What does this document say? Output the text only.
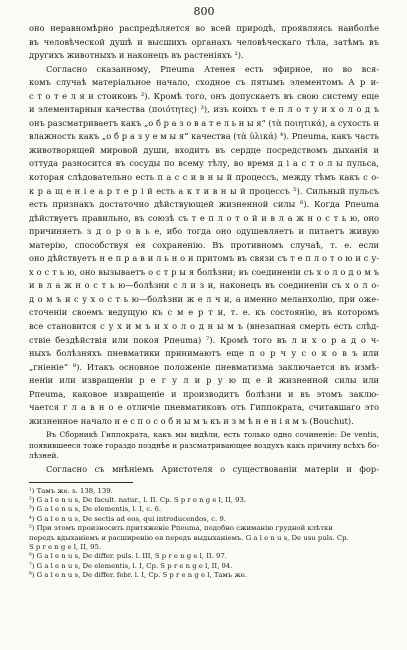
800
оно неравномѣрно распредѣляется во всей природѣ, проявляясь наиболѣе
въ человѣческой душѣ и высшихъ органахъ человѣческаго тѣла, затѣмъ въ
другихъ животныхъ и наконецъ въ растеніяхъ ¹).
Согласно сказанному, Рпеuma Атенея есть эфирное, но во вся-
комъ случаѣ матеріальное начало, сходное съ пятымъ элементомъ А р и-
с т о т е л я и стоиковъ ²). Кромѣ того, онъ допускаетъ въ свою систему еще
и элементарныя качества (ποιότητες) ³), изъ коихъ т е п л о т у и х о л о д ъ
онъ разсматриваетъ какъ „о б р а з о в а т е л ь н ы я“ (τὰ ποιητικά), а сухость и
влажность какъ „о б р а з у е м ы я“ качества (τὰ ὑλικά) ⁴). Рпеuma, какъ часть
животворящей мировой души, входитъ въ сердце посредствомъ дыханія и
оттуда разносится въ сосуды по всему тѣлу, во время д і а с т о л ы пульса,
которая слѣдовательно есть п а с с и в н ы й процессъ, между тѣмъ какъ с о-
к р а щ е н і е а р т е р і й есть а к т и в н ы й процессъ ⁵). Сильный пульсъ
есть признакъ достаточно дѣйствующей жизненной силы ⁶). Когда Рпеuma
дѣйствуетъ правильно, въ союзѣ съ т е п л о т о й и в л а ж н о с т ь ю, оно
причиняетъ з д о р о в ь е, ибо тогда оно одушевляетъ и питаетъ живую
матерію, способствуя ея сохраненію. Въ противномъ случаѣ, т. е. если
оно дѣйствуетъ н е п р а в и л ь н о и притомъ въ связи съ т е п л о т о ю и с у-
х о с т ь ю, оно вызываетъ о с т р ы я болѣзни; въ соединеніи съ х о л о д о м ъ
и в л а ж н о с т ь ю—болѣзни с л и з и, наконецъ въ соединеніи съ х о л о-
д о м ъ и с у х о с т ь ю—болѣзни ж е л ч и, а именно меланхолію, при оже-
сточеніи своемъ ведущую къ с м е р т и, т. е. къ состоянію, въ которомъ
все становится с у х и м ъ и х о л о д н ы м ъ (внезапная смерть есть слѣд-
ствіе бездѣйствія или покоя Рпеuma) ⁷). Кромѣ того въ л и х о р а д о ч-
ныхъ болѣзняхъ пневматики принимаютъ еще п о р ч у с о к о в ъ или
„гніеніе“ ⁸). Итакъ основное положеніе пневматизма заключается въ измѣ-
неніи или извращеніи р е г у л и р у ю щ е й жизненной силы или
Рпеuma, каковое извращеніе и производитъ болѣзни и въ этомъ заклю-
чается г л а в н о е отличіе пневматиковъ отъ Гиппократа, считавшаго это
жизненное начало н е с п о с о б н ы м ъ къ и з м ѣ н е н і я м ъ (Bouchut).
Въ Сборникѣ Гиппократа, какъ мы видѣли, есть только одно сочиненіе: De ventis,
появившееся тоже гораздо позднѣе и разсматривающее воздухъ какъ причину всѣхъ бо-
лѣзней.
Согласно съ мнѣніемъ Аристотеля о существованіи матеріи и фор-
¹) Тамъ же. s. 138, 139.
²) G a l e n u s, De facult. natur., l. II. Ср. S p r e n g e l, II, 93.
³) G a l e n u s, De elementis, l. I, c. 6.
⁴) G a l e n u s, De sectis ad eos, qui introducendos, c. 9.
⁵) При этомъ произносить притяженіе Рпеuma, подобно сжиманію грудной клѣтки
передъ вдыханіемъ и расширенію ея передъ выдыханіемъ. G a l e n u s, De usu puls. Ср.
S p r e n g e l, II, 95.
⁶) G a l e n u s, De differ. puls. l. III, S p r e n g e l, II. 97.
⁷) G a l e n u s, De elementis, l. I, Ср. S p r e n g e l, II, 94.
⁸) G a l e n u s, De differ. febr. l. I, Ср. S p r e n g e l, Тамъ же.
